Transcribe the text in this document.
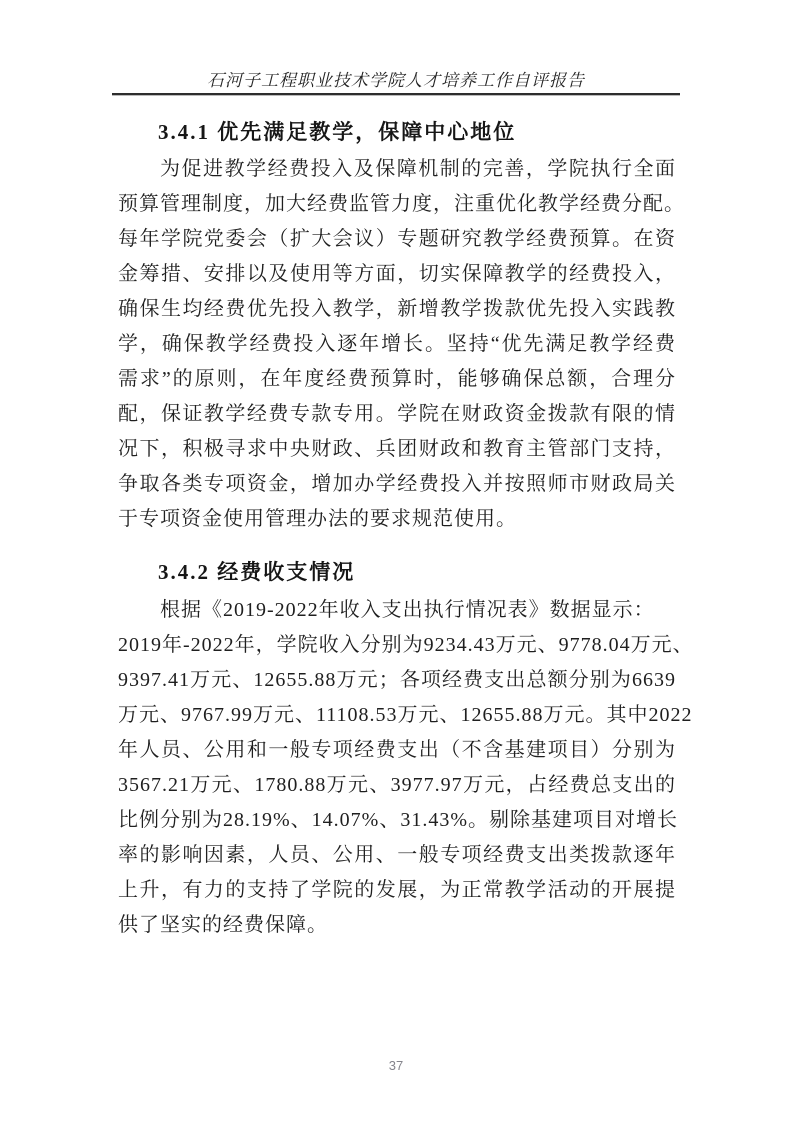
石河子工程职业技术学院人才培养工作自评报告
3.4.1 优先满足教学，保障中心地位
为促进教学经费投入及保障机制的完善，学院执行全面
预算管理制度，加大经费监管力度，注重优化教学经费分配。
每年学院党委会（扩大会议）专题研究教学经费预算。在资
金筹措、安排以及使用等方面，切实保障教学的经费投入，
确保生均经费优先投入教学，新增教学拨款优先投入实践教
学，确保教学经费投入逐年增长。坚持“优先满足教学经费
需求”的原则，在年度经费预算时，能够确保总额，合理分
配，保证教学经费专款专用。学院在财政资金拨款有限的情
况下，积极寻求中央财政、兵团财政和教育主管部门支持，
争取各类专项资金，增加办学经费投入并按照师市财政局关
于专项资金使用管理办法的要求规范使用。
3.4.2 经费收支情况
根据《2019-2022年收入支出执行情况表》数据显示：
2019年-2022年，学院收入分别为9234.43万元、9778.04万元、
9397.41万元、12655.88万元；各项经费支出总额分别为6639
万元、9767.99万元、11108.53万元、12655.88万元。其中2022
年人员、公用和一般专项经费支出（不含基建项目）分别为
3567.21万元、1780.88万元、3977.97万元，占经费总支出的
比例分别为28.19%、14.07%、31.43%。剔除基建项目对增长
率的影响因素，人员、公用、一般专项经费支出类拨款逐年
上升，有力的支持了学院的发展，为正常教学活动的开展提
供了坚实的经费保障。
37
